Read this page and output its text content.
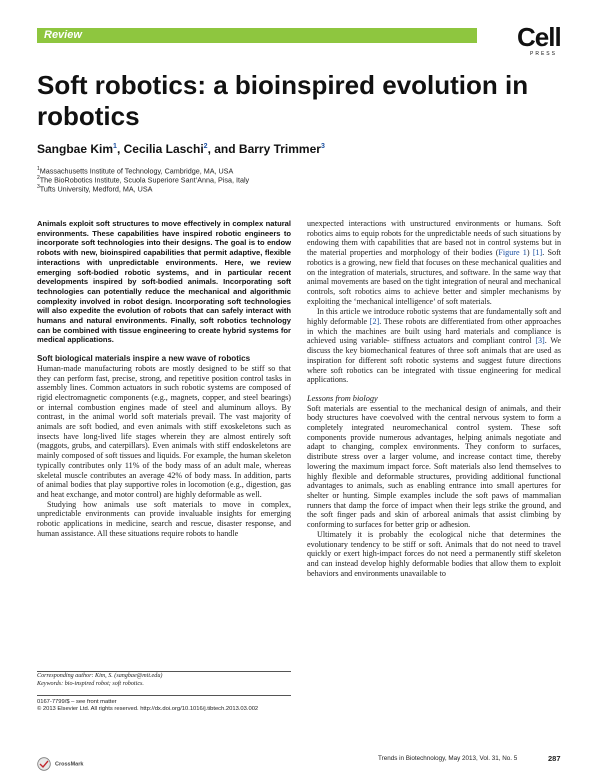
Review	Cell
PRESS
Soft robotics: a bioinspired evolution in robotics
Sangbae Kim$^1$, Cecilia Laschi$^2$, and Barry Trimmer$^3$
$^1$Massachusetts Institute of Technology, Cambridge, MA, USA
$^2$The BioRobotics Institute, Scuola Superiore Sant’Anna, Pisa, Italy
$^3$Tufts University, Medford, MA, USA

Animals exploit soft structures to move effectively in complex natural environments. These capabilities have inspired robotic engineers to incorporate soft technologies into their designs. The goal is to endow robots with new, bioinspired capabilities that permit adaptive, flexible interactions with unpredictable environments. Here, we review emerging soft-bodied robotic systems, and in particular recent developments inspired by soft-bodied animals. Incorporating soft technologies can potentially reduce the mechanical and algorithmic complexity involved in robot design. Incorporating soft technologies will also expedite the evolution of robots that can safely interact with humans and natural environments. Finally, soft robotics technology can be combined with tissue engineering to create hybrid systems for medical applications.

Soft biological materials inspire a new wave of robotics

Human-made manufacturing robots are mostly designed to be stiff so that they can perform fast, precise, strong, and repetitive position control tasks in assembly lines. Common actuators in such robotic systems are composed of rigid electromagnetic components (e.g., magnets, copper, and steel bearings) or internal combustion engines made of steel and aluminum alloys. By contrast, in the animal world soft materials prevail. The vast majority of animals are soft bodied, and even animals with stiff exoskeletons such as insects have long-lived life stages wherein they are almost entirely soft (maggots, grubs, and caterpillars). Even animals with stiff endoskeletons are mainly composed of soft tissues and liquids. For example, the human skeleton typically contributes only 11% of the body mass of an adult male, whereas skeletal muscle contributes an average 42% of body mass. In addition, parts of animal bodies that play supportive roles in locomotion (e.g., digestion, gas and heat exchange, and motor control) are highly deformable as well.

Studying how animals use soft materials to move in complex, unpredictable environments can provide invaluable insights for emerging robotic applications in medicine, search and rescue, disaster response, and human assistance. All these situations require robots to handle

Corresponding author: Kim, S. (sangbae@mit.edu)

Keywords: bio-inspired robot; soft robotics.

0167-7799/$ – see front matter

© 2013 Elsevier Ltd. All rights reserved. http://dx.doi.org/10.1016/j.tibtech.2013.03.002

CrossMark

unexpected interactions with unstructured environments or humans. Soft robotics aims to equip robots for the unpredictable needs of such situations by endowing them with capabilities that are based not in control systems but in the material properties and morphology of their bodies (Figure 1) [1]. Soft robotics is a growing, new field that focuses on these mechanical qualities and on the integration of materials, structures, and software. In the same way that animal movements are based on the tight integration of neural and mechanical controls, soft robotics aims to achieve better and simpler mechanisms by exploiting the ‘mechanical intelligence’ of soft materials.

In this article we introduce robotic systems that are fundamentally soft and highly deformable [2]. These robots are differentiated from other approaches in which the machines are built using hard materials and compliance is achieved using variable- stiffness actuators and compliant control [3]. We discuss the key biomechanical features of three soft animals that are used as inspiration for different soft robotic systems and suggest future directions where soft robotics can be integrated with tissue engineering for medical applications.

Lessons from biology

Soft materials are essential to the mechanical design of animals, and their body structures have coevolved with the central nervous system to form a completely integrated neuromechanical control system. These soft components provide numerous advantages, helping animals negotiate and adapt to changing, complex environments. They conform to surfaces, distribute stress over a larger volume, and increase contact time, thereby lowering the maximum impact force. Soft materials also lend themselves to highly flexible and deformable structures, providing additional functional advantages to animals, such as enabling entrance into small apertures for shelter or hunting. Simple examples include the soft paws of mammalian runners that damp the force of impact when their legs strike the ground, and the soft finger pads and skin of arboreal animals that assist climbing by conforming to surfaces for better grip or adhesion.

Ultimately it is probably the ecological niche that determines the evolutionary tendency to be stiff or soft. Animals that do not need to travel quickly or exert high-impact forces do not need a permanently stiff skeleton and can instead develop highly deformable bodies that allow them to exploit behaviors and environments unavailable to

Trends in Biotechnology, May 2013, Vol. 31, No. 5	287
